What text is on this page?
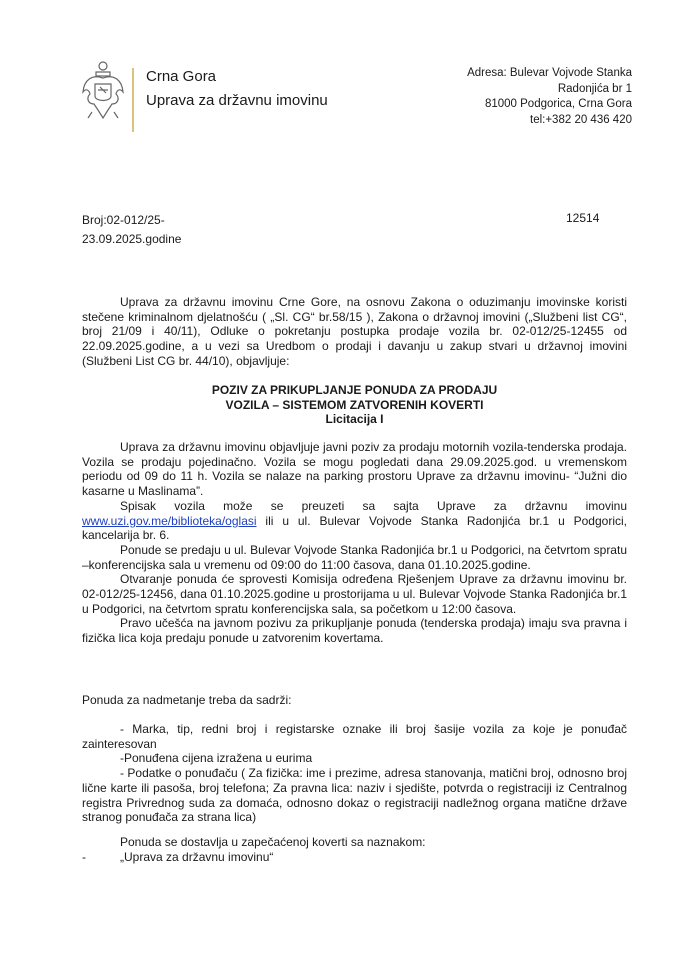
Crna Gora
Uprava za državnu imovinu
Adresa: Bulevar Vojvode Stanka
Radonjića br 1
81000 Podgorica, Crna Gora
tel:+382 20 436 420
Broj:02-012/25-
23.09.2025.godine
12514

Uprava za državnu imovinu Crne Gore, na osnovu Zakona o oduzimanju imovinske koristi stečene kriminalnom djelatnošću ( „Sl. CG“ br.58/15 ), Zakona o državnoj imovini („Službeni list CG“, broj 21/09 i 40/11), Odluke o pokretanju postupka prodaje vozila br. 02-012/25-12455 od 22.09.2025.godine, a u vezi sa Uredbom o prodaji i davanju u zakup stvari u državnoj imovini (Službeni List CG br. 44/10), objavljuje:

POZIV ZA PRIKUPLJANJE PONUDA ZA PRODAJU
VOZILA – SISTEMOM ZATVORENIH KOVERTI
Licitacija I

Uprava za državnu imovinu objavljuje javni poziv za prodaju motornih vozila-tenderska prodaja. Vozila se prodaju pojedinačno. Vozila se mogu pogledati dana 29.09.2025.god. u vremenskom periodu od 09 do 11 h. Vozila se nalaze na parking prostoru Uprave za državnu imovinu- “Južni dio kasarne u Maslinama”.

Spisak vozila može se preuzeti sa sajta Uprave za državnu imovinu www.uzi.gov.me/biblioteka/oglasi ili u ul. Bulevar Vojvode Stanka Radonjića br.1 u Podgorici, kancelarija br. 6.

Ponude se predaju u ul. Bulevar Vojvode Stanka Radonjića br.1 u Podgorici, na četvrtom spratu –konferencijska sala u vremenu od 09:00 do 11:00 časova, dana 01.10.2025.godine.

Otvaranje ponuda će sprovesti Komisija određena Rješenjem Uprave za državnu imovinu br. 02-012/25-12456, dana 01.10.2025.godine u prostorijama u ul. Bulevar Vojvode Stanka Radonjića br.1 u Podgorici, na četvrtom spratu konferencijska sala, sa početkom u 12:00 časova.

Pravo učešća na javnom pozivu za prikupljanje ponuda (tenderska prodaja) imaju sva pravna i fizička lica koja predaju ponude u zatvorenim kovertama.

Ponuda za nadmetanje treba da sadrži:

- Marka, tip, redni broj i registarske oznake ili broj šasije vozila za koje je ponuđač zainteresovan

-Ponuđena cijena izražena u eurima

- Podatke o ponuđaču ( Za fizička: ime i prezime, adresa stanovanja, matični broj, odnosno broj lične karte ili pasoša, broj telefona; Za pravna lica: naziv i sjedište, potvrda o registraciji iz Centralnog registra Privrednog suda za domaća, odnosno dokaz o registraciji nadležnog organa matične države stranog ponuđača za strana lica)

Ponuda se dostavlja u zapečaćenoj koverti sa naznakom:

-	„Uprava za državnu imovinu“
